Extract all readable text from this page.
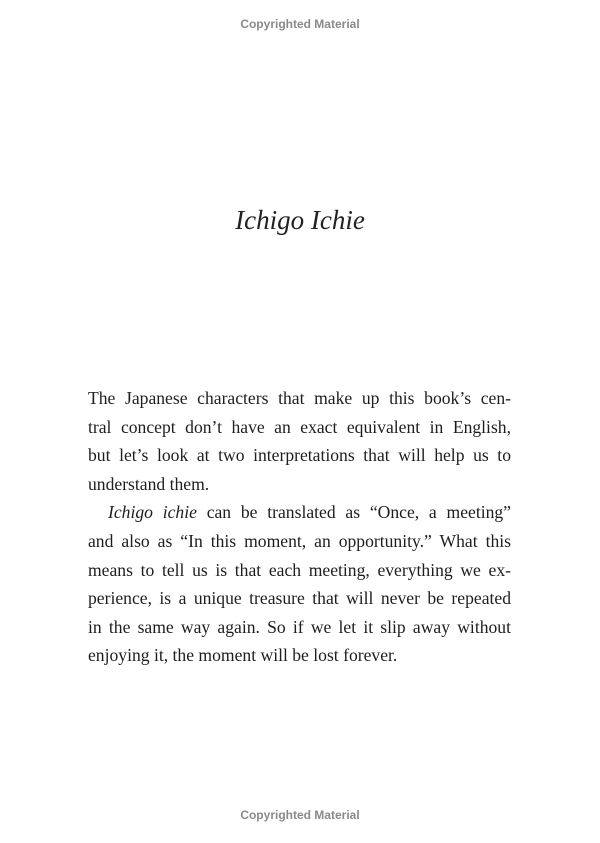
Copyrighted Material
Ichigo Ichie
The Japanese characters that make up this book’s cen-
tral concept don’t have an exact equivalent in English,
but let’s look at two interpretations that will help us to
understand them.
Ichigo ichie can be translated as “Once, a meeting”
and also as “In this moment, an opportunity.” What this
means to tell us is that each meeting, everything we ex-
perience, is a unique treasure that will never be repeated
in the same way again. So if we let it slip away without
enjoying it, the moment will be lost forever.
Copyrighted Material
